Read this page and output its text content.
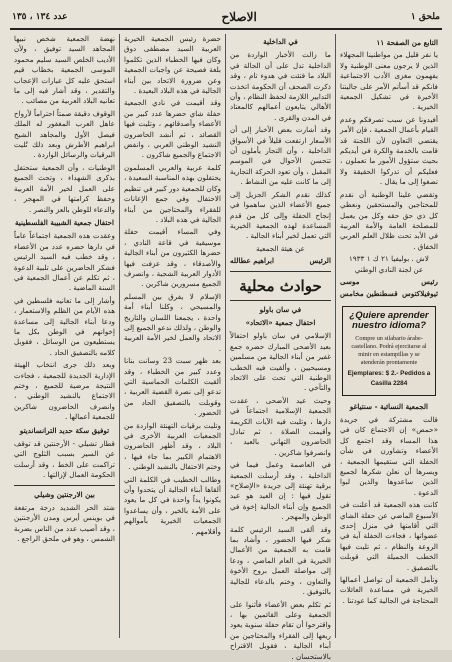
ملحق ١
الاصلاح
عدد ١٣٤ ، ١٣٥
التابع من الصفحة ١١

يا نفر قليل من مواطنينا المجهلاء الذين لا يرجون معنى الوطنية ولا يفهمون مغزى الأدب الاجتماعية فانكم قد أسأتم الأمر على جاليتنا الأخيرة في تشكيل الجمعية الخيرية .

أفيدونا عن سبب تصرفكم وعدم القيام بأعمال الجمعية ، فإن الأمر يقتضي التعاون لأن اللجنة قد قامت بالخدمة والكرة في أيديكم بحيث ستؤول الأمور ما تعملون ، فعليكم أن تدركوا الحقيقة ولا تصغوا إلى ما يقال .

وتقضي علينا الوطنية أن نقدم للمحتاجين والمستحقين ونعطي كل ذي حق حقه وكل من يعمل للمصلحة العامة والأمة العربية في الأبد تحت ظلال العلم العربي الخفاق .

لاش . بوليفيا ٢١ ك ١ ١٩٣٣
عن لجنة النادي الوطني
رئيس
موسى
ثيوفيلاكتوس
قسطنطين مخامس
¿Quiere aprender nuestro idioma?
Compre un silabario árabe-castellano. Podrá ejercitarse al minir en estampillas y se atenderán prontamente
Ejemplares: $ 2.- Pedidos a Casilla 2284
الجمعية النسائية - سنتياغو

قالت مشتركة في جريدة «حمص» إن الاجتماع كان في هذا المساء وقد اجتمع كل الأعضاء وتشاورن في شأن الحفلة التي ستقيمها الجمعية ، ويسرها أن نعلن شكرها لجميع الذين ساعدوها والذين لبوا الدعوة .

كانت هذه الجمعية قد أعلنت في الأسبوع الماضي عن حفلة الشاي التي أقامتها في منزل إحدى عضواتها ، فجاءت الحفلة آية في الروعة والنظام ، ثم تليت فيها الخطب الجميلة التي قوبلت بالتصفيق .

وتأمل الجمعية أن تواصل أعمالها الخيرية في مساعدة العائلات المحتاجة في الجالية كما عودتنا .

في الداخلية

ما زالت الأخبار الواردة من الداخلية تدل على أن الحالة في البلاد ما فتئت في هدوء تام ، وقد ذكرت الصحف أن الحكومة اتخذت التدابير اللازمة لحفظ النظام ، وأن الأهالي يتابعون أعمالهم كالمعتاد في المدن والقرى .

وقد أشارت بعض الأخبار إلى أن الأسعار ارتفعت قليلاً في الأسواق الداخلية ، وأن التجار يأملون أن تتحسن الأحوال في الموسم المقبل ، وأن تعود الحركة التجارية إلى ما كانت عليه من النشاط .

كذلك نقدم الشكر الجزيل إلى جميع الأعضاء الذين ساهموا في إنجاح الحفلة وإلى كل من قدم المساعدة لهذه الجمعية الخيرية التي تعمل لخير أبناء الجالية .

عن هيئة الجمعية
الرئيس
ابراهيم عطالله
حوادث محلية
في سان باولو
احتفال جمعية «الاتحاد»

الإسلامي في سان باولو احتفالاً بعيد الأضحى المبارك حضره جمع غفير من أبناء الجالية من مسلمين ومسيحيين ، وألقيت فيه الخطب الوطنية التي تحث على الاتحاد والتآخي .

وحيث عيد الأضحى ، عقدت الجمعية الإسلامية اجتماعاً في دارها ، وتليت فيه الآيات الكريمة وأقيمت الصلاة ، ثم تبادل الحاضرون التهاني بالعيد ، وانصرفوا شاكرين .

في العاصمة وعمل فيما في الداخلية ، وقد أرسلت الجمعية برقية تهنئة إلى جريدة «الإصلاح» تقول فيها : إن العيد هو عيد الجميع وإن أبناء الجالية إخوة في الوطن والمهجر .

وقد ألقى السيد الرئيس كلمة شكر فيها الحضور ، وأشاد بما قامت به الجمعية من الأعمال الخيرية في العام الماضي ، ودعا إلى مواصلة العمل بروح الأخوة والتعاون ، وختم بالدعاء للجالية بالتوفيق .

ثم تكلم بعض الأعضاء فأثنوا على الجمعية وعلى القائمين بها ، واقترحوا أن تقام حفلة سنوية يعود ريعها إلى الفقراء والمحتاجين من أبناء الجالية ، فقوبل الاقتراح بالاستحسان .

حضرة رئيس الجمعية الخيرية العربية السيد مصطفى دوق وكان فيها الخطباء الذين تكلموا بلغة فصيحة عن واجبات الجمعية وعن ضرورة الاتحاد بين أبناء الجالية في هذه البلاد البعيدة .

وقد أقيمت في نادي الجمعية حفلة شاي حضرها عدد كبير من الأعضاء وأصدقائهم ، وتليت فيها القصائد ، ثم أنشد الحاضرون النشيد الوطني العربي ، وانفض الاجتماع والجميع شاكرون .

كلمة عربية والعربي المسلمون يحتفلون بهذه المناسبة السعيدة ، وكان للجمعية دور كبير في تنظيم الاحتفال وفي جمع الإعانات للفقراء والمحتاجين من أبناء الجالية في هذه البلاد .

وفي المساء أقيمت حفلة موسيقية في قاعة النادي ، حضرها الكثيرون من أبناء الجالية والأصدقاء ، وقد عزفت فيها الأدوار العربية الشجية ، وانصرف الجميع مسرورين شاكرين .

الإسلام لا يفرق بين المسلم والمسيحي ، وكلنا أبناء أمة واحدة ، يجمعنا اللسان والتاريخ والوطن ، ولذلك ندعو الجميع إلى الاتحاد والعمل لخير الأمة العربية .

بعد ظهر سبت 23 وسانت بنانا وعدد كبير من الخطباء ، وقد ألقيت الكلمات الحماسية التي تدعو إلى نصرة القضية العربية ، وقوبلت بالتصفيق الحاد من الحضور .

وتليت برقيات التهنئة الواردة من الجمعيات العربية الأخرى في البلاد ، وقد أظهر الحاضرون الاهتمام الكبير بما جاء فيها ، وختم الاحتفال بالنشيد الوطني .

وطالب الخطيب في الكلمة التي ألقاها أبناء الجالية أن يتحدوا وأن يكونوا يداً واحدة في كل ما يعود على الأمة بالخير ، وأن يساعدوا الجمعيات الخيرية بأموالهم وأقلامهم .

نهضة الجمعية شخص نبيها المجاهد السيد توفيق ، ولأن الأديب الخلص السيد سليم محمود الموسى الجمعية بخطاب قيم استحق عليه كل عبارات الإعجاب والتقدير ، وقد أشار فيه إلى ما تعانيه البلاد العربية من مصائب .

الوقوف دقيقة صمتاً احتراماً لأرواح عاهل العرب المغفور له الملك فيصل الأول والمجاهد الشيخ ابراهيم الأطرش وبعد ذلك تُليت البرقيات والرسائل الواردة .

الوطنيات ، وأن الجمعية ستحتفل بذكرى الشهداء ، وتحث الجميع على العمل لخير الأمة العربية وحفظ كرامتها في المهجر ، والدعاء للوطن بالعز والنصر .

احتفال جمعية الشبيبة الفلسطينية

وعقدت هذه الجمعية اجتماعاً عاماً في دارها حضره عدد من الأعضاء ، وقد خطب فيه السيد الرئيس فشكر الحاضرين على تلبية الدعوة ، ثم تكلم عن أعمال الجمعية في السنة الماضية .

وأشار إلى ما تعانيه فلسطين في هذه الأيام من الظلم والاستعمار ، ودعا أبناء الجالية إلى مساعدة إخوانهم في الوطن بكل ما يستطيعون من الوسائل ، فقوبل كلامه بالتصفيق الحاد .

وبعد ذلك جرى انتخاب الهيئة الإدارية الجديدة للجمعية ، فجاءت النتيجة مرضية للجميع ، وختم الاجتماع بالنشيد الوطني ، وانصرف الحاضرون شاكرين للجمعية أعمالها .

توفيق سكة حديد الترانسانديتو

قطار تشيلي - الأرجنتين قد توقف عن السير بسبب الثلوج التي تراكمت على الخط ، وقد أرسلت الحكومة العمال لإزالتها .

بين الارجنتين وشيلي

شتد الحر الشديد درجة مرتفعة في بوينس أيرس ومدن الأرجنتين ، وقد أصيب عدد من الناس بضربة الشمس ، وهو في ملحق الراجع .
